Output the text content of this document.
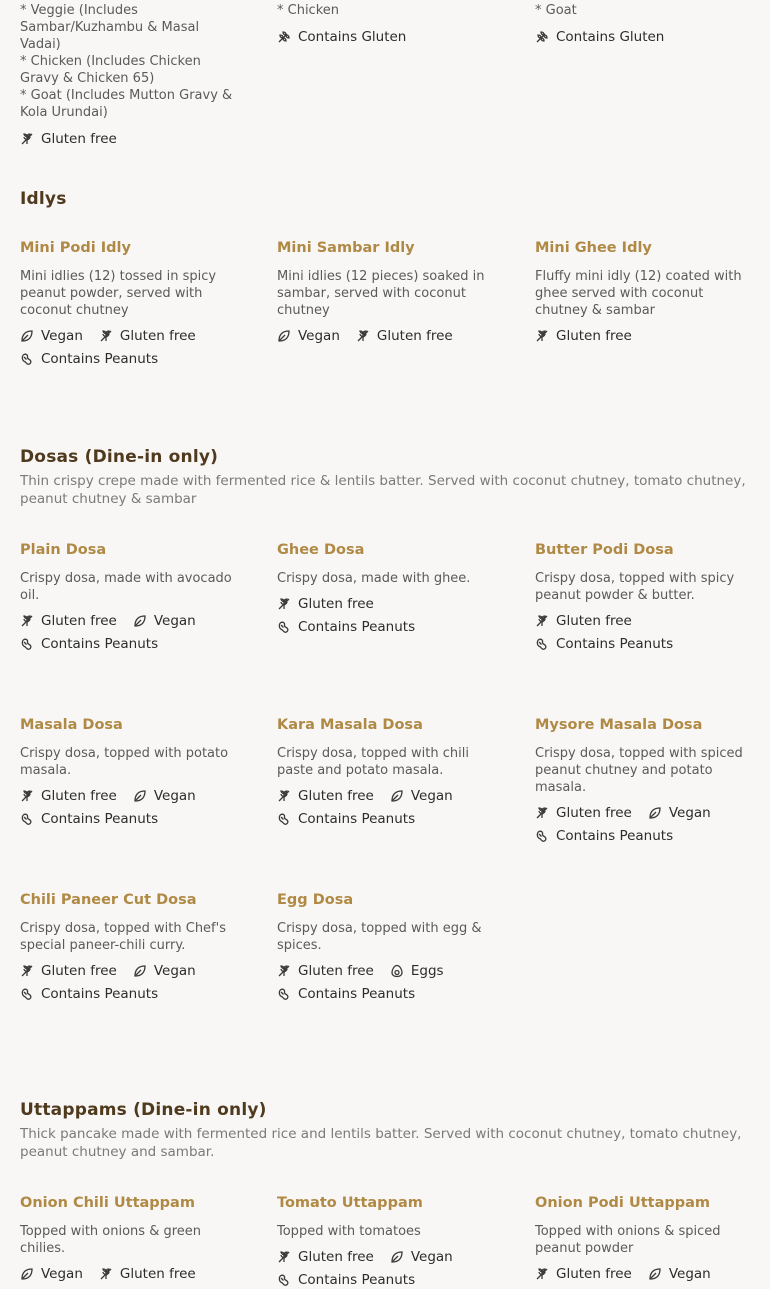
* Veggie (Includes
Sambar/Kuzhambu & Masal
Vadai)
* Chicken (Includes Chicken
Gravy & Chicken 65)
* Goat (Includes Mutton Gravy &
Kola Urundai)
Gluten free
* Chicken
Contains Gluten
* Goat
Contains Gluten
Idlys
Mini Podi Idly
Mini idlies (12) tossed in spicy peanut powder, served with coconut chutney
Vegan	Gluten free
Contains Peanuts
Mini Sambar Idly
Mini idlies (12 pieces) soaked in sambar, served with coconut chutney
Vegan	Gluten free
Mini Ghee Idly
Fluffy mini idly (12) coated with ghee served with coconut chutney & sambar
Gluten free
Dosas (Dine-in only)
Thin crispy crepe made with fermented rice & lentils batter. Served with coconut chutney, tomato chutney, peanut chutney & sambar
Plain Dosa
Crispy dosa, made with avocado oil.
Gluten free	Vegan
Contains Peanuts
Ghee Dosa
Crispy dosa, made with ghee.
Gluten free
Contains Peanuts
Butter Podi Dosa
Crispy dosa, topped with spicy peanut powder & butter.
Gluten free
Contains Peanuts
Masala Dosa
Crispy dosa, topped with potato masala.
Gluten free	Vegan
Contains Peanuts
Kara Masala Dosa
Crispy dosa, topped with chili paste and potato masala.
Gluten free	Vegan
Contains Peanuts
Mysore Masala Dosa
Crispy dosa, topped with spiced peanut chutney and potato masala.
Gluten free	Vegan
Contains Peanuts
Chili Paneer Cut Dosa
Crispy dosa, topped with Chef's special paneer-chili curry.
Gluten free	Vegan
Contains Peanuts
Egg Dosa
Crispy dosa, topped with egg & spices.
Gluten free	Eggs
Contains Peanuts
Uttappams (Dine-in only)
Thick pancake made with fermented rice and lentils batter. Served with coconut chutney, tomato chutney, peanut chutney and sambar.
Onion Chili Uttappam
Topped with onions & green chilies.
Vegan	Gluten free
Tomato Uttappam
Topped with tomatoes
Gluten free	Vegan
Contains Peanuts
Onion Podi Uttappam
Topped with onions & spiced peanut powder
Gluten free	Vegan
